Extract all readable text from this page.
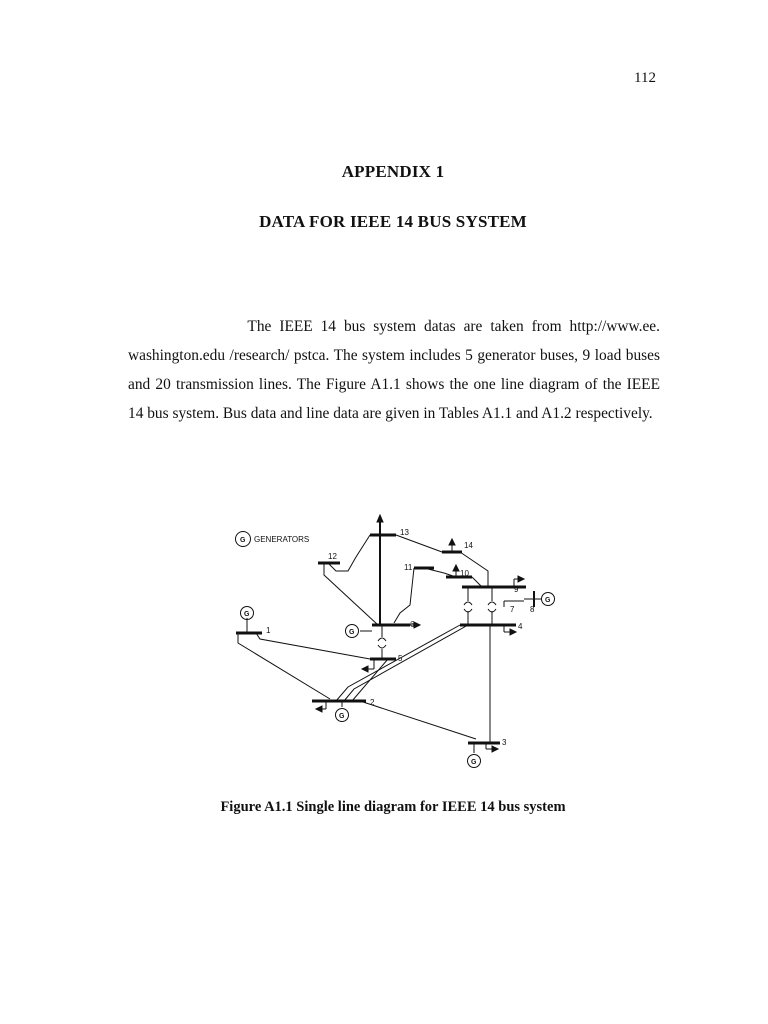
112
APPENDIX 1
DATA FOR IEEE 14 BUS SYSTEM

The IEEE 14 bus system datas are taken from http://www.ee. washington.edu /research/ pstca. The system includes 5 generator buses, 9 load buses and 20 transmission lines. The Figure A1.1 shows the one line diagram of the IEEE 14 bus system. Bus data and line data are given in Tables A1.1 and A1.2 respectively.

G GENERATORS
G
G
G
G
G
1
2
3
4
5
6
7 8
9
10
11
12
13
14
Figure A1.1 Single line diagram for IEEE 14 bus system
